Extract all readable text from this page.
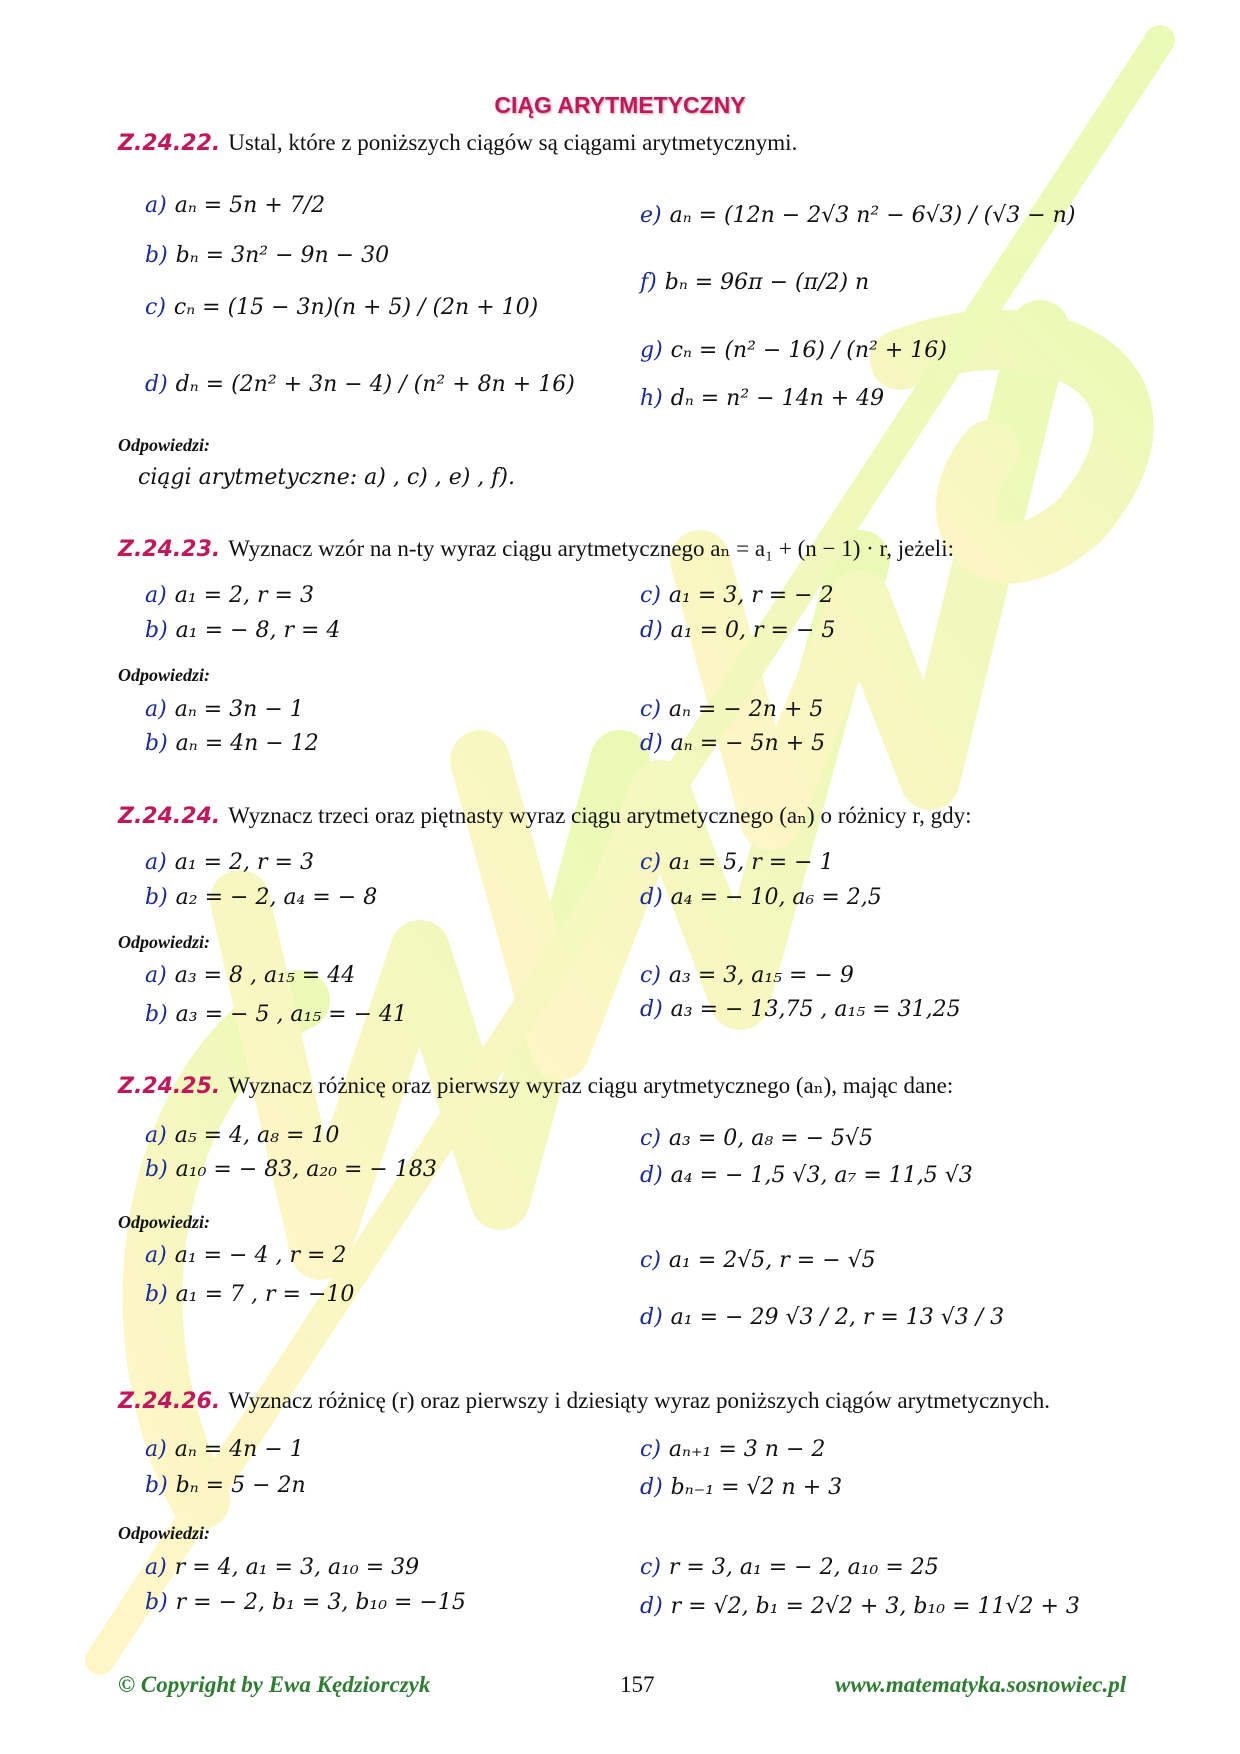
CIĄG ARYTMETYCZNY
Z.24.22. Ustal, które z poniższych ciągów są ciągami arytmetycznymi.
a) aₙ = 5n + 7/2
b) bₙ = 3n² − 9n − 30
c) cₙ = (15 − 3n)(n + 5) / (2n + 10)
d) dₙ = (2n² + 3n − 4) / (n² + 8n + 16)
e) aₙ = (12n − 2√3 n² − 6√3) / (√3 − n)
f) bₙ = 96π − (π/2) n
g) cₙ = (n² − 16) / (n² + 16)
h) dₙ = n² − 14n + 49
Odpowiedzi:
ciągi arytmetyczne: a) , c) , e) , f).
Z.24.23. Wyznacz wzór na n-ty wyraz ciągu arytmetycznego aₙ = a₁ + (n − 1) · r, jeżeli:
a) a₁ = 2, r = 3
b) a₁ = − 8, r = 4
c) a₁ = 3, r = − 2
d) a₁ = 0, r = − 5
Odpowiedzi:
a) aₙ = 3n − 1
b) aₙ = 4n − 12
c) aₙ = − 2n + 5
d) aₙ = − 5n + 5
Z.24.24. Wyznacz trzeci oraz piętnasty wyraz ciągu arytmetycznego (aₙ) o różnicy r, gdy:
a) a₁ = 2, r = 3
b) a₂ = − 2, a₄ = − 8
c) a₁ = 5, r = − 1
d) a₄ = − 10, a₆ = 2,5
Odpowiedzi:
a) a₃ = 8 , a₁₅ = 44
b) a₃ = − 5 , a₁₅ = − 41
c) a₃ = 3, a₁₅ = − 9
d) a₃ = − 13,75 , a₁₅ = 31,25
Z.24.25. Wyznacz różnicę oraz pierwszy wyraz ciągu arytmetycznego (aₙ), mając dane:
a) a₅ = 4, a₈ = 10
b) a₁₀ = − 83, a₂₀ = − 183
c) a₃ = 0, a₈ = − 5√5
d) a₄ = − 1,5 √3, a₇ = 11,5 √3
Odpowiedzi:
a) a₁ = − 4 , r = 2
b) a₁ = 7 , r = −10
c) a₁ = 2√5, r = − √5
d) a₁ = − 29 √3 / 2, r = 13 √3 / 3
Z.24.26. Wyznacz różnicę (r) oraz pierwszy i dziesiąty wyraz poniższych ciągów arytmetycznych.
a) aₙ = 4n − 1
b) bₙ = 5 − 2n
c) aₙ₊₁ = 3 n − 2
d) bₙ₋₁ = √2 n + 3
Odpowiedzi:
a) r = 4, a₁ = 3, a₁₀ = 39
b) r = − 2, b₁ = 3, b₁₀ = −15
c) r = 3, a₁ = − 2, a₁₀ = 25
d) r = √2, b₁ = 2√2 + 3, b₁₀ = 11√2 + 3
© Copyright by Ewa Kędziorczyk	157	www.matematyka.sosnowiec.pl
